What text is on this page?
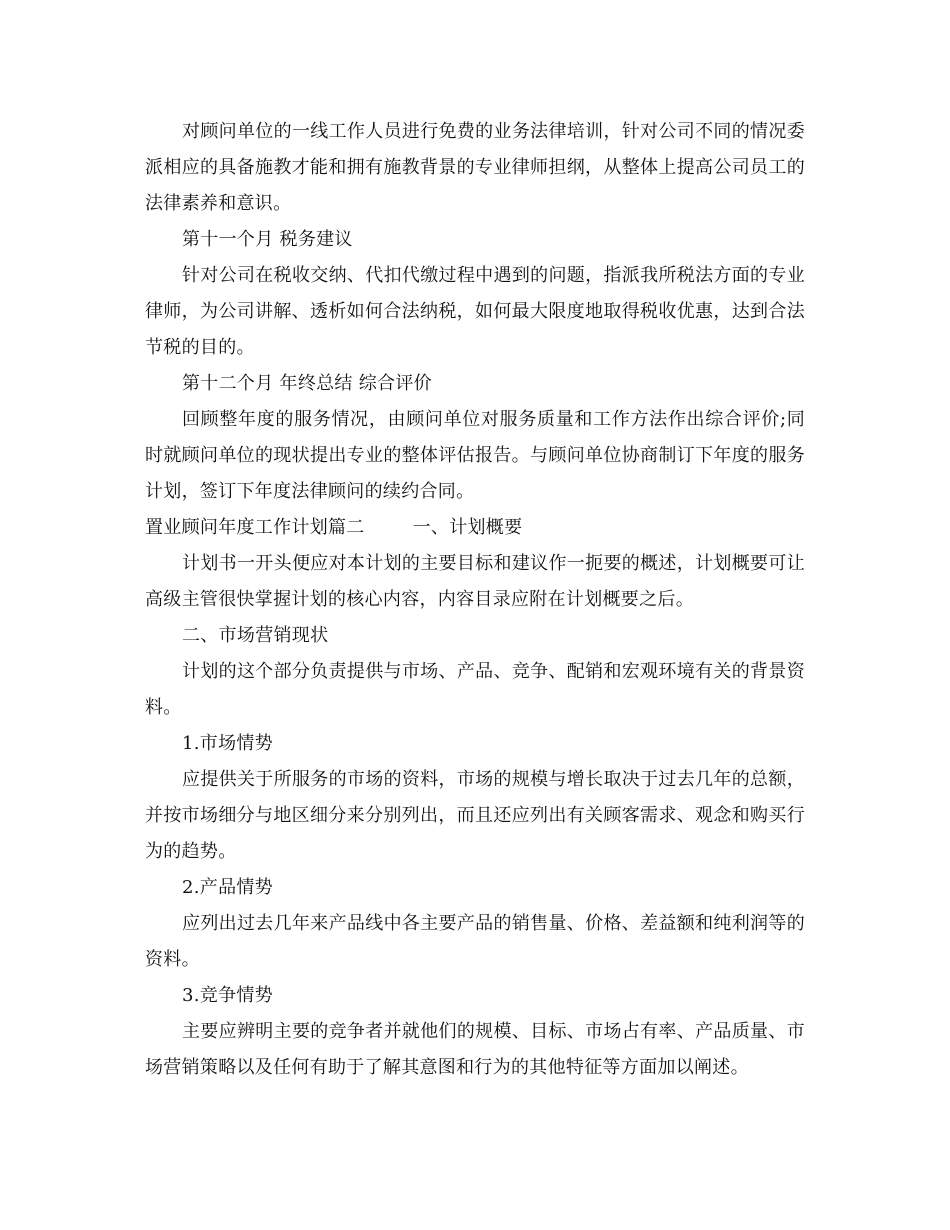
对顾问单位的一线工作人员进行免费的业务法律培训，针对公司不同的情况委派相应的具备施教才能和拥有施教背景的专业律师担纲，从整体上提高公司员工的法律素养和意识。

第十一个月 税务建议

针对公司在税收交纳、代扣代缴过程中遇到的问题，指派我所税法方面的专业律师，为公司讲解、透析如何合法纳税，如何最大限度地取得税收优惠，达到合法节税的目的。

第十二个月 年终总结 综合评价

回顾整年度的服务情况，由顾问单位对服务质量和工作方法作出综合评价;同时就顾问单位的现状提出专业的整体评估报告。与顾问单位协商制订下年度的服务计划，签订下年度法律顾问的续约合同。

置业顾问年度工作计划篇二	一、计划概要

计划书一开头便应对本计划的主要目标和建议作一扼要的概述，计划概要可让高级主管很快掌握计划的核心内容，内容目录应附在计划概要之后。

二、市场营销现状

计划的这个部分负责提供与市场、产品、竞争、配销和宏观环境有关的背景资料。

1.市场情势

应提供关于所服务的市场的资料，市场的规模与增长取决于过去几年的总额，并按市场细分与地区细分来分别列出，而且还应列出有关顾客需求、观念和购买行为的趋势。

2.产品情势

应列出过去几年来产品线中各主要产品的销售量、价格、差益额和纯利润等的资料。

3.竞争情势

主要应辨明主要的竞争者并就他们的规模、目标、市场占有率、产品质量、市场营销策略以及任何有助于了解其意图和行为的其他特征等方面加以阐述。
